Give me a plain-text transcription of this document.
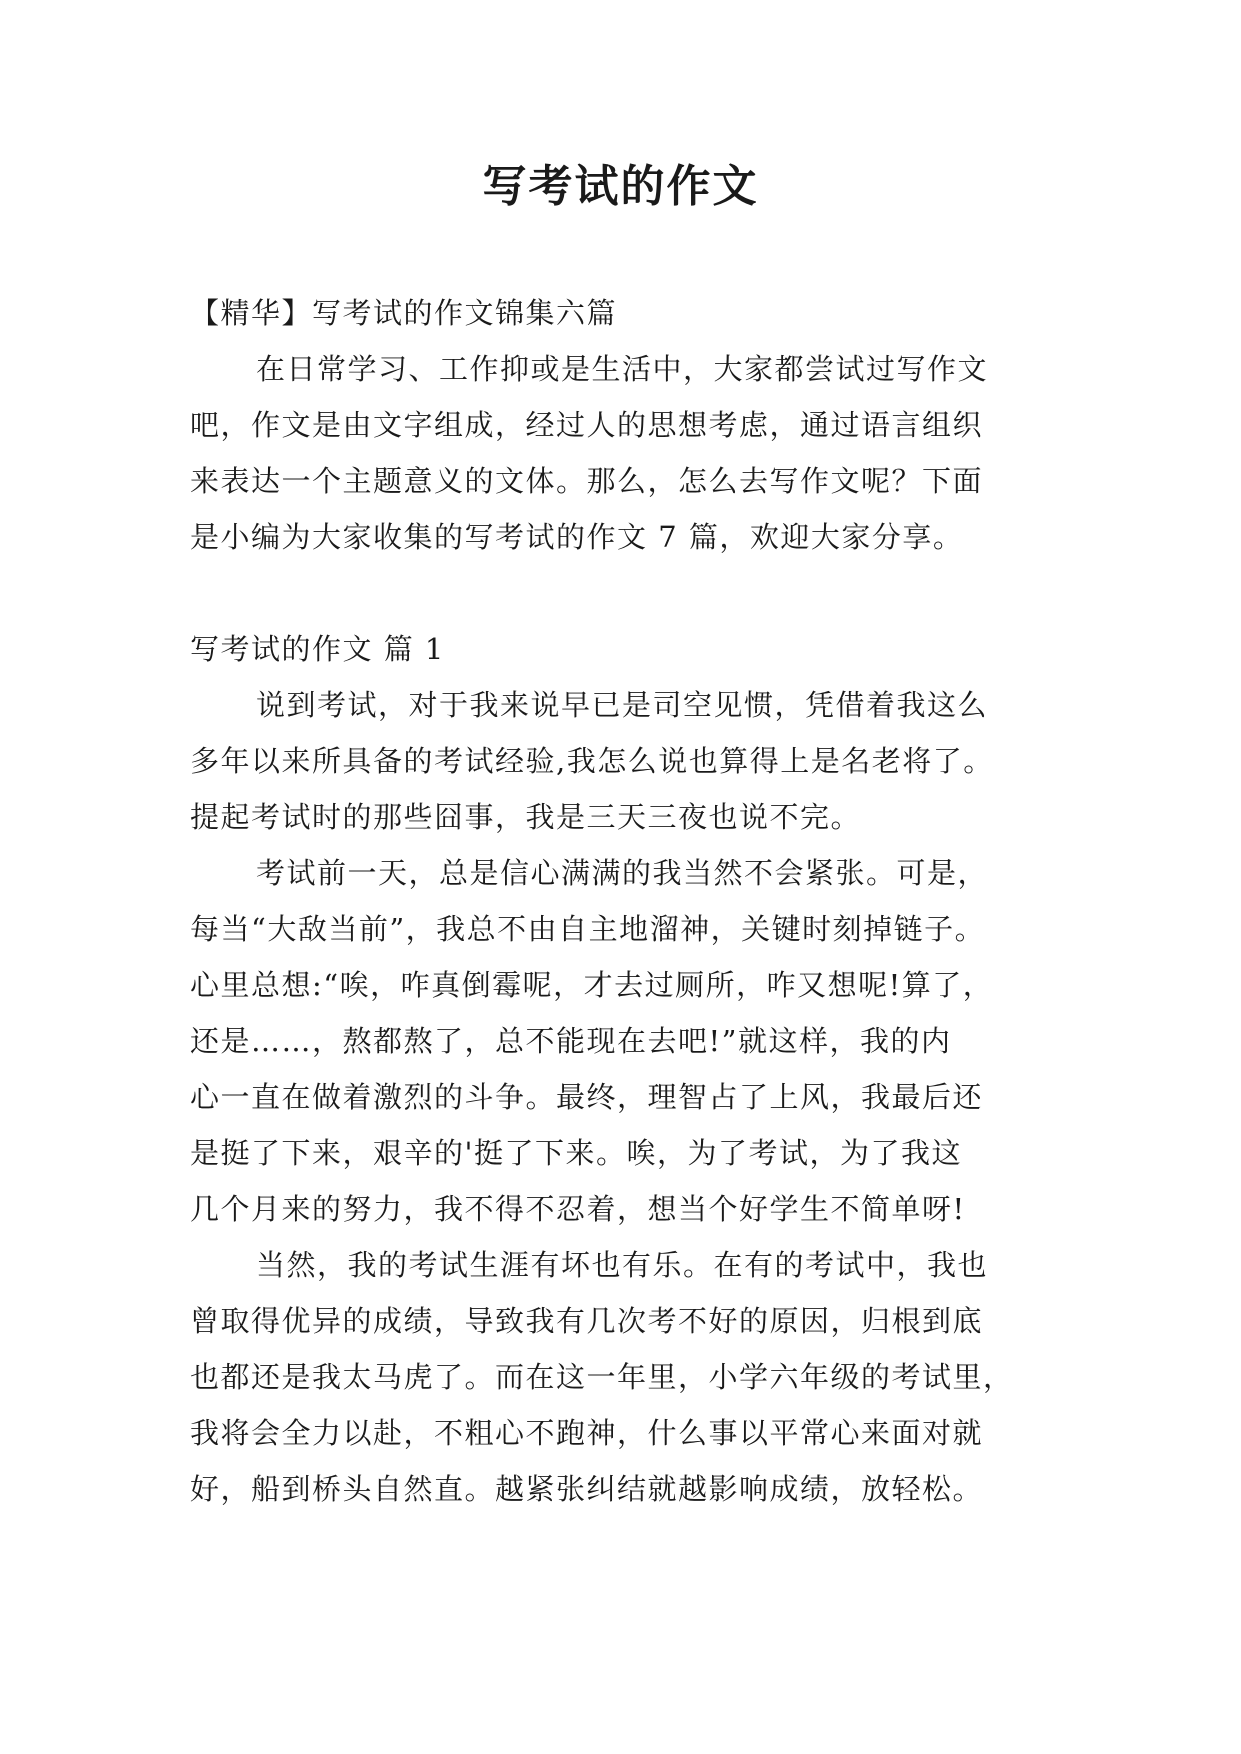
写考试的作文
【精华】写考试的作文锦集六篇
在日常学习、工作抑或是生活中，大家都尝试过写作文
吧，作文是由文字组成，经过人的思想考虑，通过语言组织
来表达一个主题意义的文体。那么，怎么去写作文呢？下面
是小编为大家收集的写考试的作文 7 篇，欢迎大家分享。
写考试的作文 篇 1
说到考试，对于我来说早已是司空见惯，凭借着我这么
多年以来所具备的考试经验,我怎么说也算得上是名老将了。
提起考试时的那些囧事，我是三天三夜也说不完。
考试前一天，总是信心满满的我当然不会紧张。可是，
每当“大敌当前”，我总不由自主地溜神，关键时刻掉链子。
心里总想:“唉，咋真倒霉呢，才去过厕所，咋又想呢!算了，
还是……，熬都熬了，总不能现在去吧!”就这样，我的内
心一直在做着激烈的斗争。最终，理智占了上风，我最后还
是挺了下来，艰辛的'挺了下来。唉，为了考试，为了我这
几个月来的努力，我不得不忍着，想当个好学生不简单呀!
当然，我的考试生涯有坏也有乐。在有的考试中，我也
曾取得优异的成绩，导致我有几次考不好的原因，归根到底
也都还是我太马虎了。而在这一年里，小学六年级的考试里，
我将会全力以赴，不粗心不跑神，什么事以平常心来面对就
好，船到桥头自然直。越紧张纠结就越影响成绩，放轻松。
